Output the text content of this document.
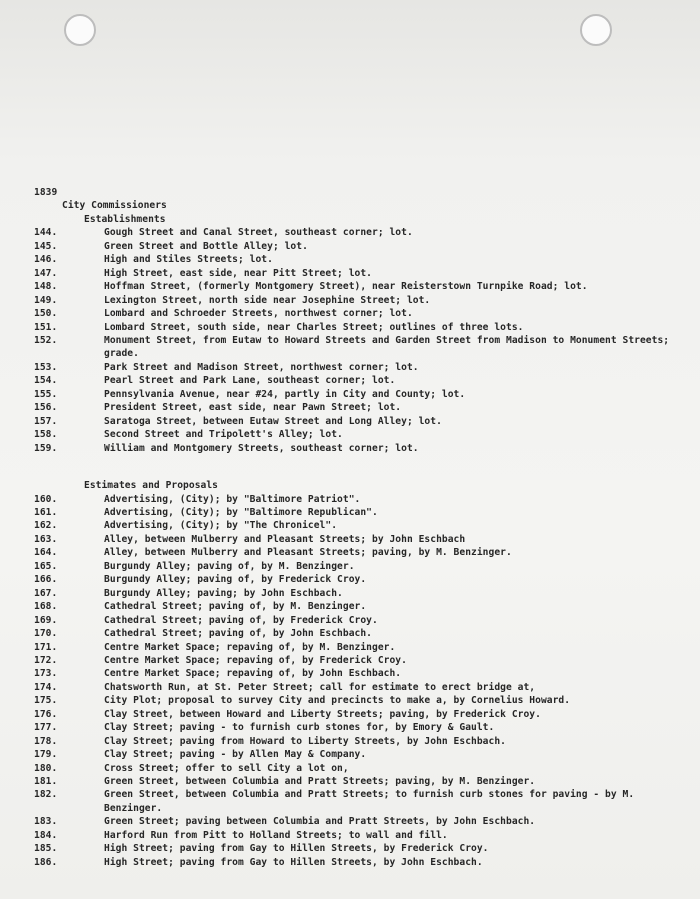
1839
City Commissioners
Establishments
144.	Gough Street and Canal Street, southeast corner; lot.
145.	Green Street and Bottle Alley; lot.
146.	High and Stiles Streets; lot.
147.	High Street, east side, near Pitt Street; lot.
148.	Hoffman Street, (formerly Montgomery Street), near Reisterstown Turnpike Road; lot.
149.	Lexington Street, north side near Josephine Street; lot.
150.	Lombard and Schroeder Streets, northwest corner; lot.
151.	Lombard Street, south side, near Charles Street; outlines of three lots.
152.	Monument Street, from Eutaw to Howard Streets and Garden Street from Madison to Monument Streets; grade.
153.	Park Street and Madison Street, northwest corner; lot.
154.	Pearl Street and Park Lane, southeast corner; lot.
155.	Pennsylvania Avenue, near #24, partly in City and County; lot.
156.	President Street, east side, near Pawn Street; lot.
157.	Saratoga Street, between Eutaw Street and Long Alley; lot.
158.	Second Street and Tripolett's Alley; lot.
159.	William and Montgomery Streets, southeast corner; lot.
Estimates and Proposals
160.	Advertising, (City); by "Baltimore Patriot".
161.	Advertising, (City); by "Baltimore Republican".
162.	Advertising, (City); by "The Chronicel".
163.	Alley, between Mulberry and Pleasant Streets; by John Eschbach
164.	Alley, between Mulberry and Pleasant Streets; paving, by M. Benzinger.
165.	Burgundy Alley; paving of, by M. Benzinger.
166.	Burgundy Alley; paving of, by Frederick Croy.
167.	Burgundy Alley; paving; by John Eschbach.
168.	Cathedral Street; paving of, by M. Benzinger.
169.	Cathedral Street; paving of, by Frederick Croy.
170.	Cathedral Street; paving of, by John Eschbach.
171.	Centre Market Space; repaving of, by M. Benzinger.
172.	Centre Market Space; repaving of, by Frederick Croy.
173.	Centre Market Space; repaving of, by John Eschbach.
174.	Chatsworth Run, at St. Peter Street; call for estimate to erect bridge at,
175.	City Plot; proposal to survey City and precincts to make a, by Cornelius Howard.
176.	Clay Street, between Howard and Liberty Streets; paving, by Frederick Croy.
177.	Clay Street; paving - to furnish curb stones for, by Emory & Gault.
178.	Clay Street; paving from Howard to Liberty Streets, by John Eschbach.
179.	Clay Street; paving - by Allen May & Company.
180.	Cross Street; offer to sell City a lot on,
181.	Green Street, between Columbia and Pratt Streets; paving, by M. Benzinger.
182.	Green Street, between Columbia and Pratt Streets; to furnish curb stones for paving - by M. Benzinger.
183.	Green Street; paving between Columbia and Pratt Streets, by John Eschbach.
184.	Harford Run from Pitt to Holland Streets; to wall and fill.
185.	High Street; paving from Gay to Hillen Streets, by Frederick Croy.
186.	High Street; paving from Gay to Hillen Streets, by John Eschbach.
